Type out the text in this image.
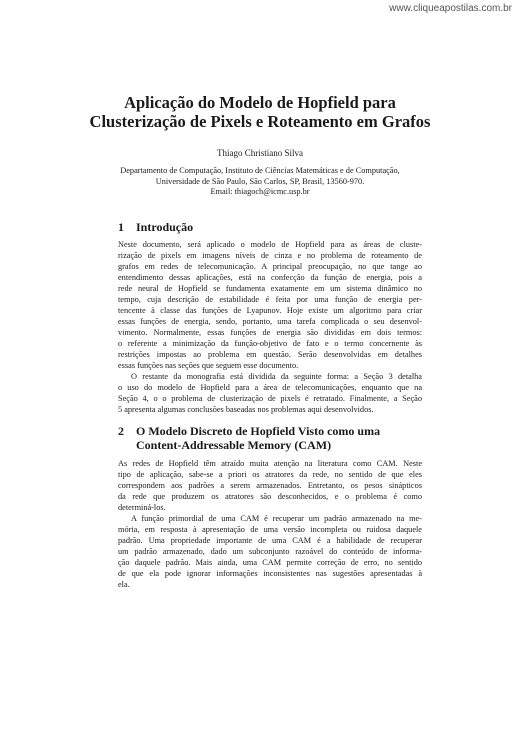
www.cliqueapostilas.com.br
Aplicação do Modelo de Hopfield para
Clusterização de Pixels e Roteamento em Grafos
Thiago Christiano Silva
Departamento de Computação, Instituto de Ciências Matemáticas e de Computação,
Universidade de São Paulo, São Carlos, SP, Brasil, 13560-970.
Email: thiagoch@icmc.usp.br
1 Introdução
Neste documento, será aplicado o modelo de Hopfield para as áreas de cluste-
rização de pixels em imagens níveis de cinza e no problema de roteamento de
grafos em redes de telecomunicação. A principal preocupação, no que tange ao
entendimento dessas aplicações, está na confecção da função de energia, pois a
rede neural de Hopfield se fundamenta exatamente em um sistema dinâmico no
tempo, cuja descrição de estabilidade é feita por uma função de energia per-
tencente à classe das funções de Lyapunov. Hoje existe um algoritmo para criar
essas funções de energia, sendo, portanto, uma tarefa complicada o seu desenvol-
vimento. Normalmente, essas funções de energia são divididas em dois termos:
o referente a minimização da função-objetivo de fato e o termo concernente às
restrições impostas ao problema em questão. Serão desenvolvidas em detalhes
essas funções nas seções que seguem esse documento.
O restante da monografia está dividida da seguinte forma: a Seção 3 detalha
o uso do modelo de Hopfield para a área de telecomunicações, enquanto que na
Seção 4, o o problema de clusterização de pixels é retratado. Finalmente, a Seção
5 apresenta algumas conclusões baseadas nos problemas aqui desenvolvidos.
2 O Modelo Discreto de Hopfield Visto como uma
Content-Addressable Memory (CAM)
As redes de Hopfield têm atraído muita atenção na literatura como CAM. Neste
tipo de aplicação, sabe-se a priori os atratores da rede, no sentido de que eles
correspondem aos padrões a serem armazenados. Entretanto, os pesos sinápticos
da rede que produzem os atratores são desconhecidos, e o problema é como
determiná-los.
A função primordial de uma CAM é recuperar um padrão armazenado na me-
mória, em resposta à apresentação de uma versão incompleta ou ruidosa daquele
padrão. Uma propriedade importante de uma CAM é a habilidade de recuperar
um padrão armazenado, dado um subconjunto razoável do conteúdo de informa-
ção daquele padrão. Mais ainda, uma CAM permite correção de erro, no sentido
de que ela pode ignorar informações inconsistentes nas sugestões apresentadas à
ela.
